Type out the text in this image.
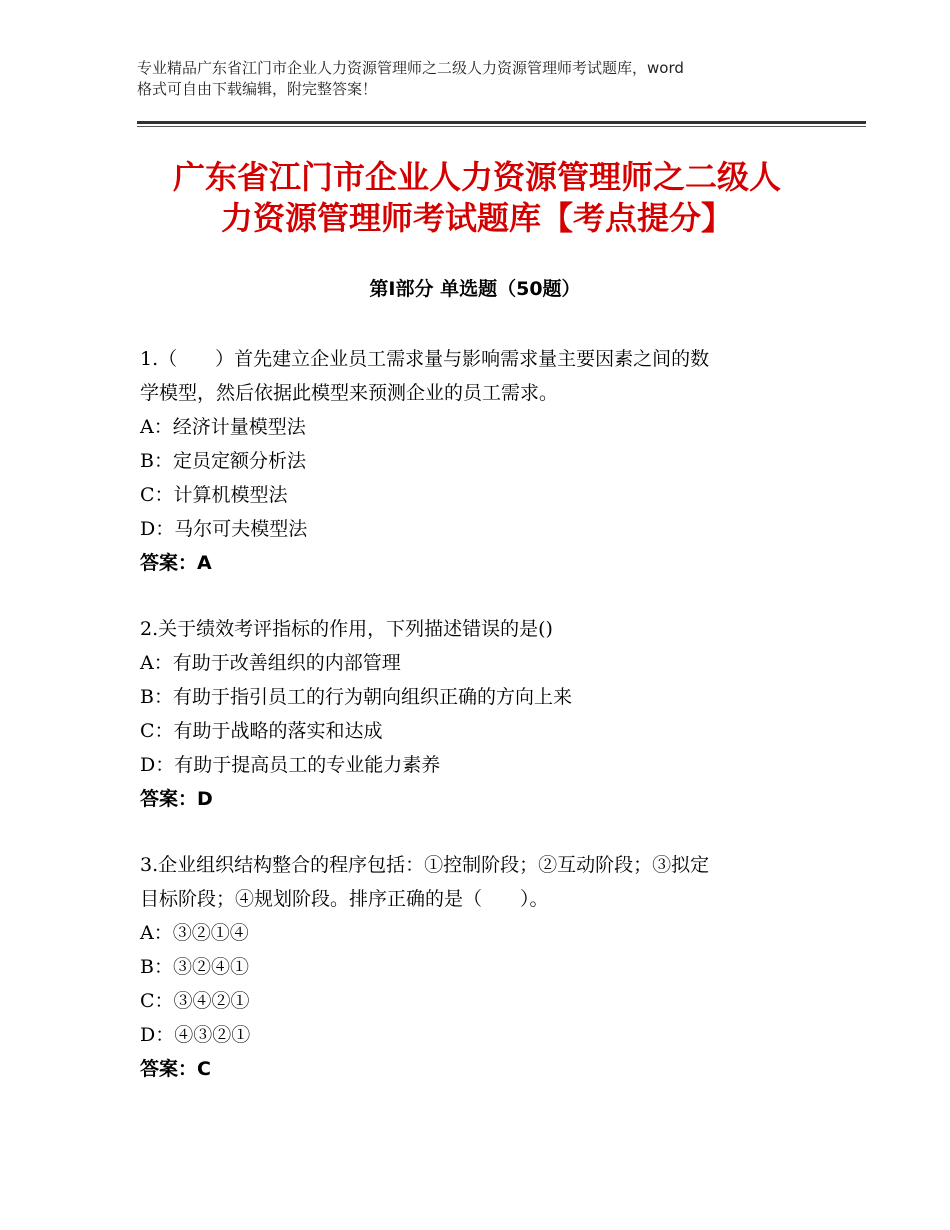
专业精品广东省江门市企业人力资源管理师之二级人力资源管理师考试题库，word
格式可自由下载编辑，附完整答案！
广东省江门市企业人力资源管理师之二级人
力资源管理师考试题库【考点提分】
第Ⅰ部分 单选题（50题）
1.（　　）首先建立企业员工需求量与影响需求量主要因素之间的数
学模型，然后依据此模型来预测企业的员工需求。
A：经济计量模型法
B：定员定额分析法
C：计算机模型法
D：马尔可夫模型法
答案：A
2.关于绩效考评指标的作用，下列描述错误的是()
A：有助于改善组织的内部管理
B：有助于指引员工的行为朝向组织正确的方向上来
C：有助于战略的落实和达成
D：有助于提高员工的专业能力素养
答案：D
3.企业组织结构整合的程序包括：①控制阶段；②互动阶段；③拟定
目标阶段；④规划阶段。排序正确的是（　　）。
A：③②①④
B：③②④①
C：③④②①
D：④③②①
答案：C
